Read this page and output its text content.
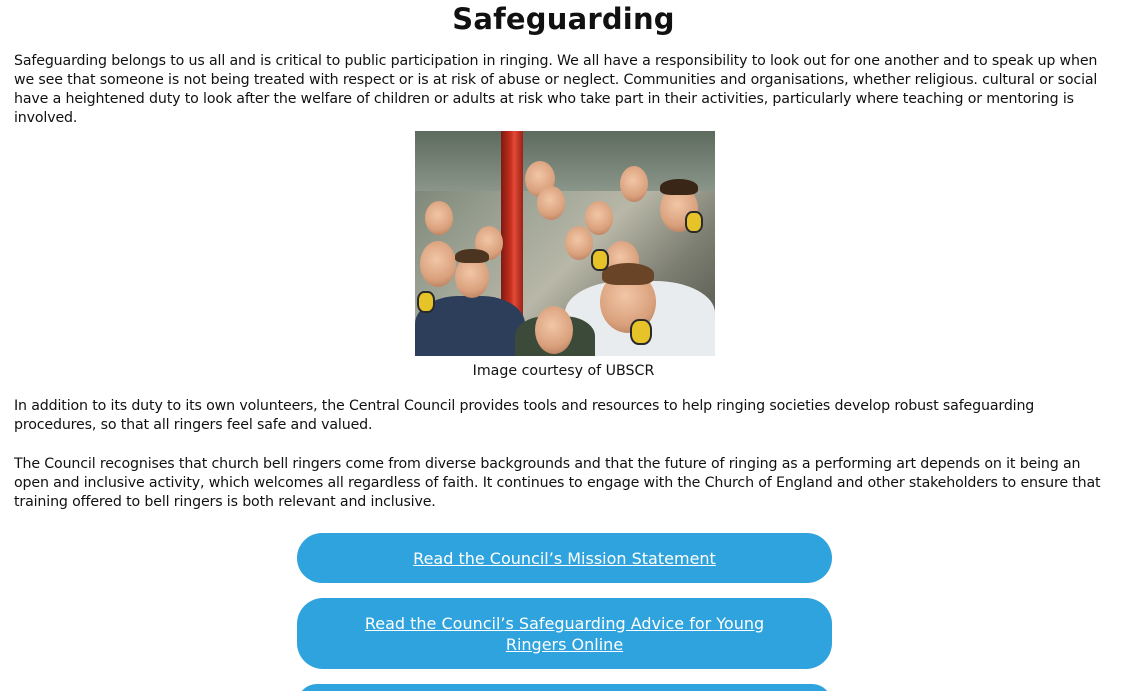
Safeguarding

Safeguarding belongs to us all and is critical to public participation in ringing. We all have a responsibility to look out for one another and to speak up when we see that someone is not being treated with respect or is at risk of abuse or neglect. Communities and organisations, whether religious. cultural or social have a heightened duty to look after the welfare of children or adults at risk who take part in their activities, particularly where teaching or mentoring is involved.

Image courtesy of UBSCR

In addition to its duty to its own volunteers, the Central Council provides tools and resources to help ringing societies develop robust safeguarding procedures, so that all ringers feel safe and valued.

The Council recognises that church bell ringers come from diverse backgrounds and that the future of ringing as a performing art depends on it being an open and inclusive activity, which welcomes all regardless of faith. It continues to engage with the Church of England and other stakeholders to ensure that training offered to bell ringers is both relevant and inclusive.

Read the Council’s Mission Statement
Read the Council’s Safeguarding Advice for Young Ringers Online
